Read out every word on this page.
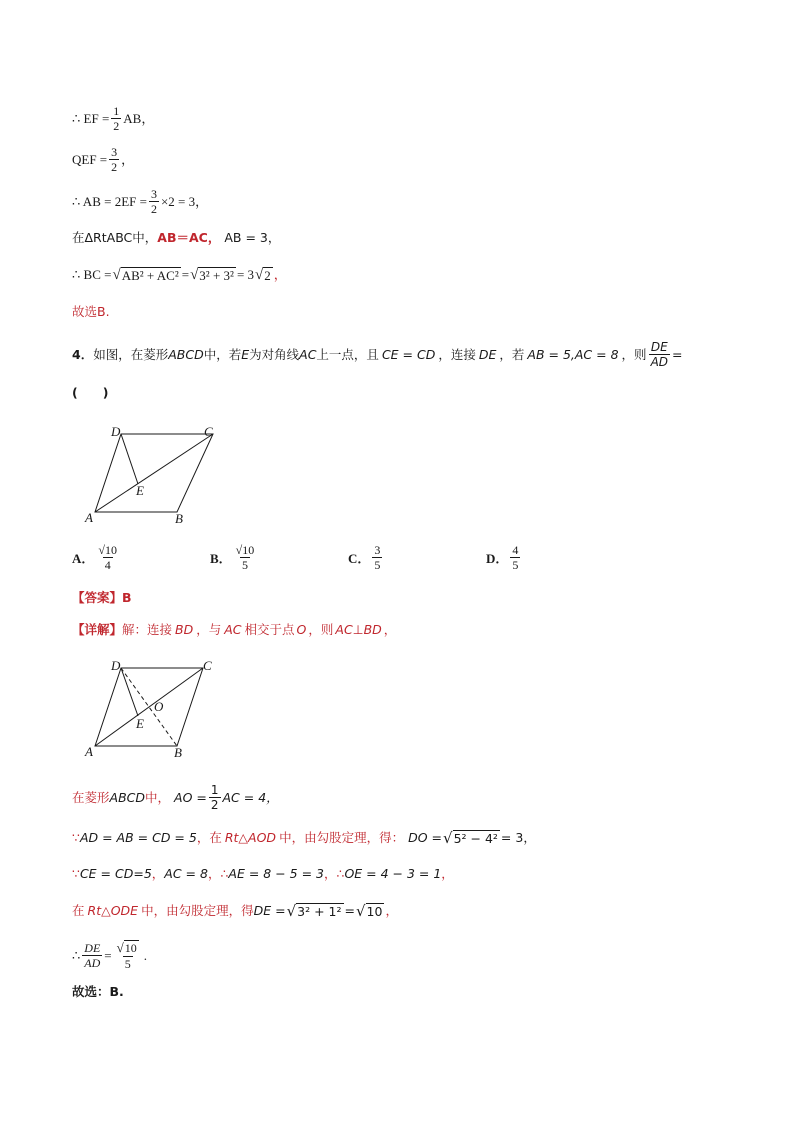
∴ EF = $\frac{1}{2}$ AB，
QEF = $\frac{3}{2}$ ，
∴ AB = $2EF = \frac{3}{2} \times 2 = 3$，
在ΔRtABC中， AB＝AC， AB = 3，
∴ BC = √ AB² + AC² = √ 3² + 3² = 3 √ 2 ，
故选B.
4． 如图，在菱形 ABCD 中，若 E 为对角线 AC 上一点，且 CE = CD ，连接 DE ，若 AB = 5,AC = 8 ，则 $\frac{DE}{AD}$ =
(　　)
D	C
E
A	B
A． $\frac{√10}{4}$	B． $\frac{√10}{5}$	C． $\frac{3}{5}$	D． $\frac{4}{5}$
【答案】 B
【详解】 解：连接 BD ，与 AC 相交于点 O ，则 AC⊥BD ，
D	C
E
O
A	B
在菱形 ABCD 中， AO = $\frac{1}{2}$ AC = 4，
∵ AD = AB = CD = 5 ，在 Rt△AOD 中，由勾股定理，得： DO = √ 5² − 4² = 3，
∵ CE = CD=5 ， AC = 8 ，∴ AE = 8 − 5 = 3 ，∴ OE = 4 − 3 = 1 ，
在 Rt△ODE 中，由勾股定理，得 DE = √ 3² + 1² = √ 10 ，
∴ $\frac{DE}{AD} = \frac{√ 10}{5}$ .
故选：B.
